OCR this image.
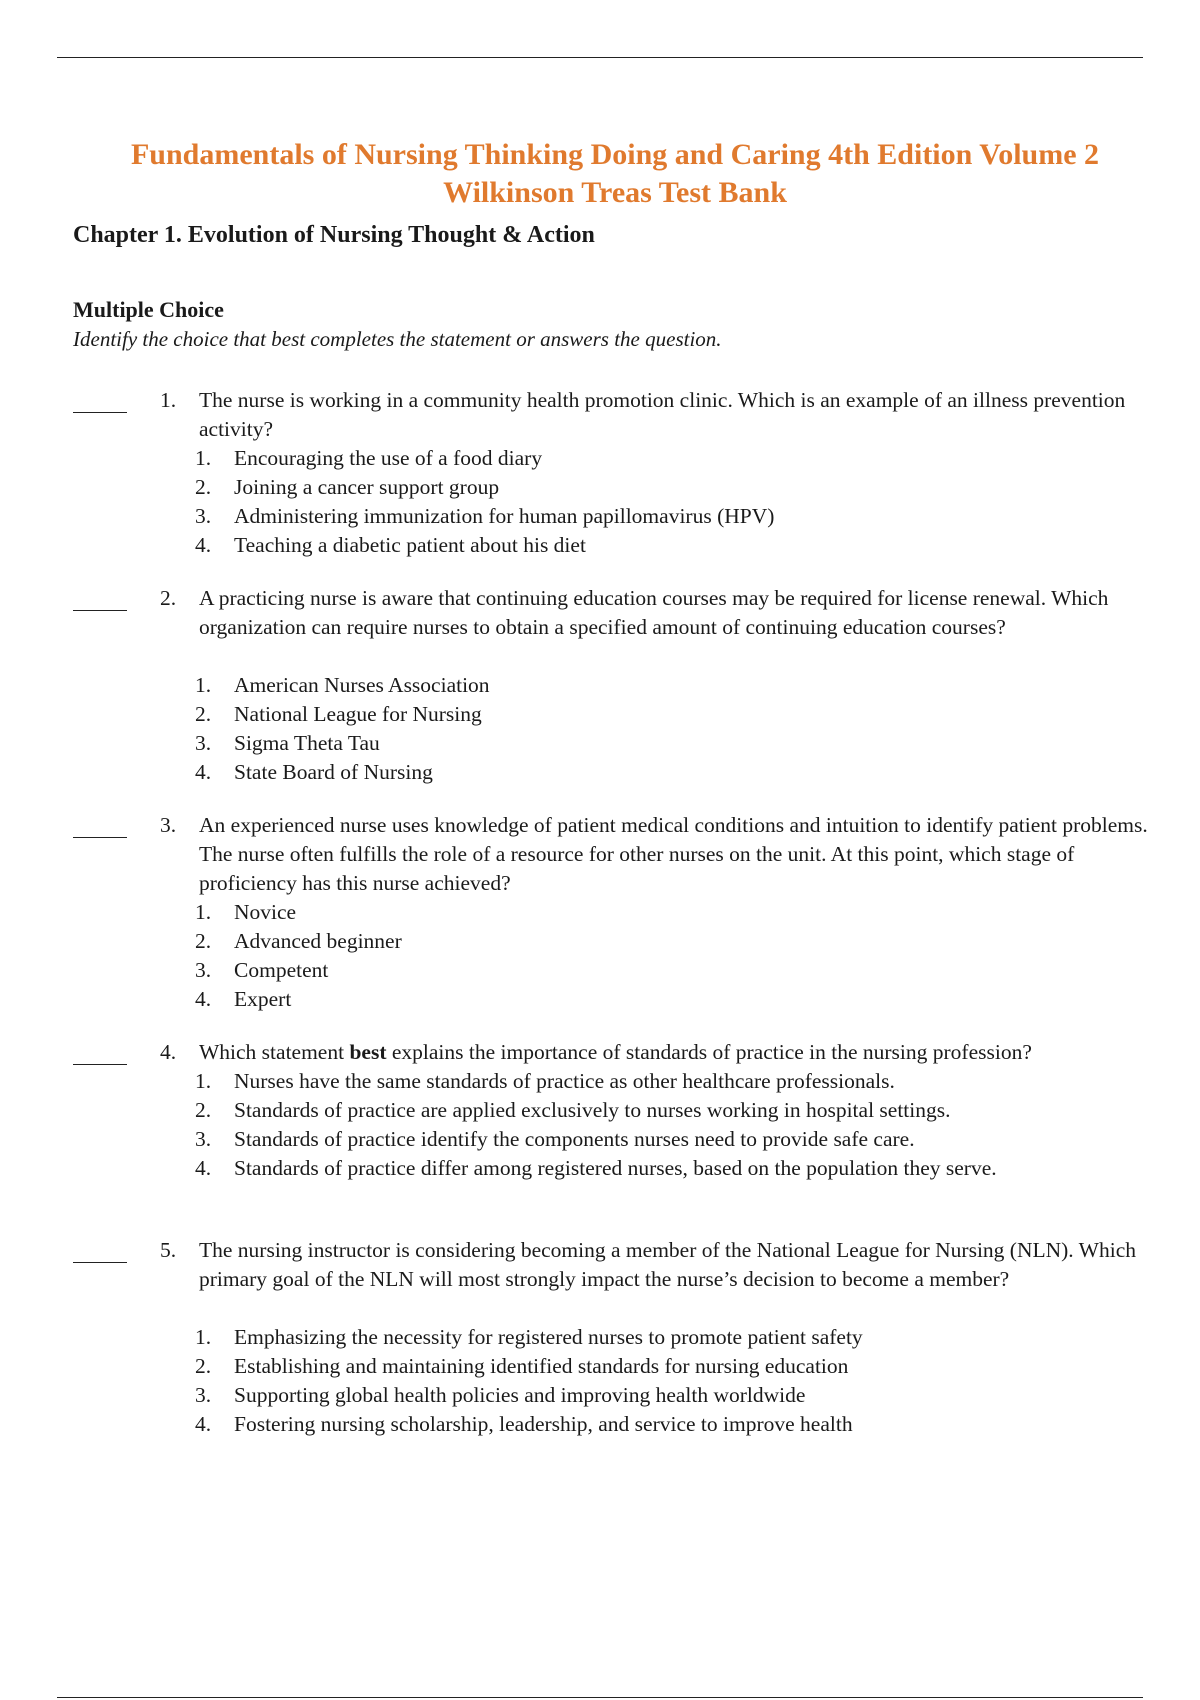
Fundamentals of Nursing Thinking Doing and Caring 4th Edition Volume 2
Wilkinson Treas Test Bank
Chapter 1. Evolution of Nursing Thought & Action
Multiple Choice
Identify the choice that best completes the statement or answers the question.
1. The nurse is working in a community health promotion clinic. Which is an example of an illness prevention activity?
1. Encouraging the use of a food diary
2. Joining a cancer support group
3. Administering immunization for human papillomavirus (HPV)
4. Teaching a diabetic patient about his diet
2. A practicing nurse is aware that continuing education courses may be required for license renewal. Which organization can require nurses to obtain a specified amount of continuing education courses?
1. American Nurses Association
2. National League for Nursing
3. Sigma Theta Tau
4. State Board of Nursing
3. An experienced nurse uses knowledge of patient medical conditions and intuition to identify patient problems. The nurse often fulfills the role of a resource for other nurses on the unit. At this point, which stage of proficiency has this nurse achieved?
1. Novice
2. Advanced beginner
3. Competent
4. Expert
4. Which statement best explains the importance of standards of practice in the nursing profession?
1. Nurses have the same standards of practice as other healthcare professionals.
2. Standards of practice are applied exclusively to nurses working in hospital settings.
3. Standards of practice identify the components nurses need to provide safe care.
4. Standards of practice differ among registered nurses, based on the population they serve.
5. The nursing instructor is considering becoming a member of the National League for Nursing (NLN). Which primary goal of the NLN will most strongly impact the nurse’s decision to become a member?
1. Emphasizing the necessity for registered nurses to promote patient safety
2. Establishing and maintaining identified standards for nursing education
3. Supporting global health policies and improving health worldwide
4. Fostering nursing scholarship, leadership, and service to improve health
